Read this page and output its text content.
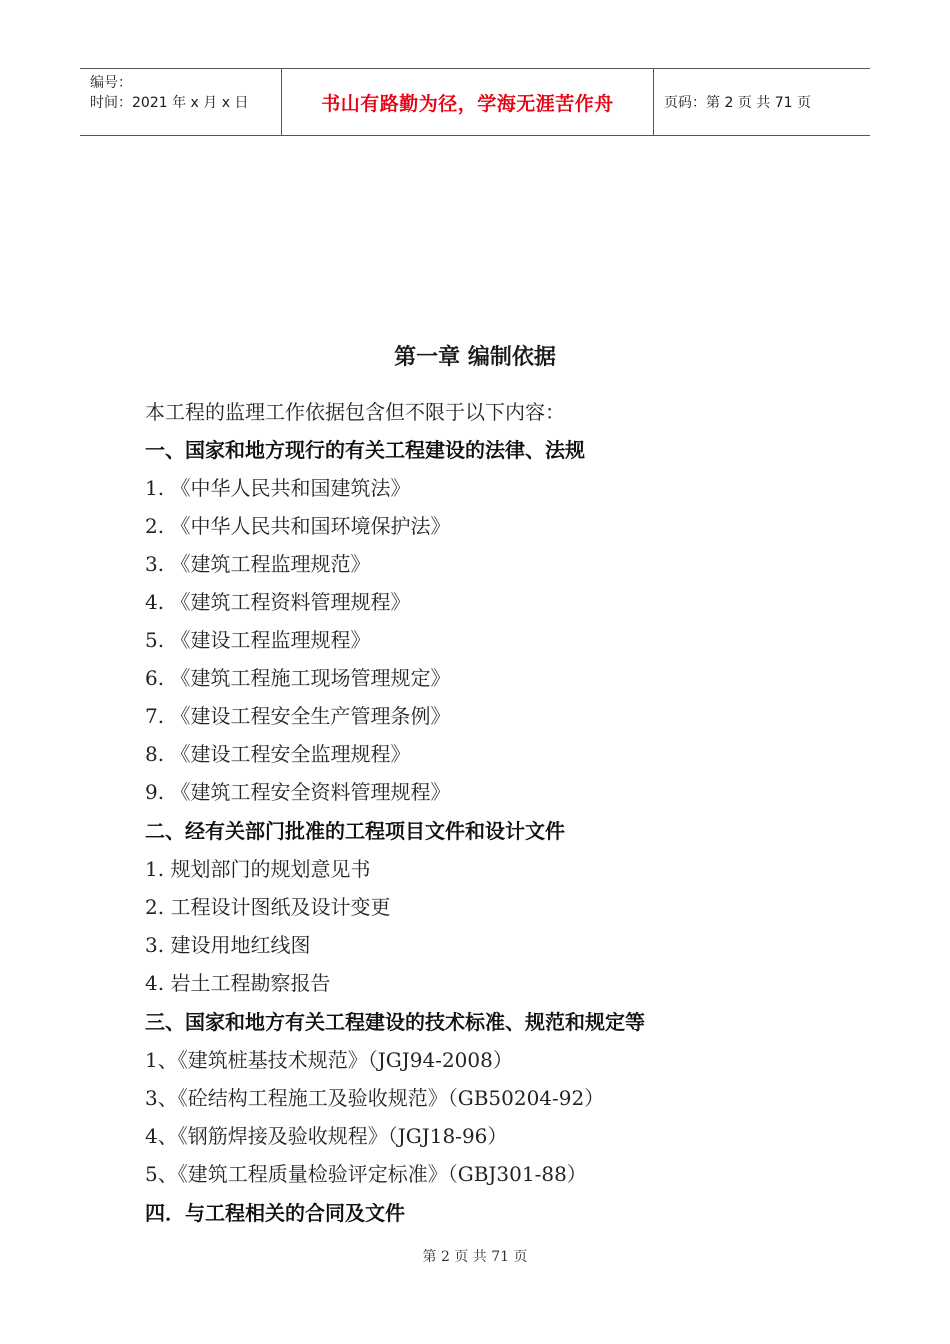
编号：
时间：2021 年 x 月 x 日	书山有路勤为径，学海无涯苦作舟	页码：第 2 页 共 71 页
第一章 编制依据
本工程的监理工作依据包含但不限于以下内容：
一、国家和地方现行的有关工程建设的法律、法规
1. 《中华人民共和国建筑法》
2. 《中华人民共和国环境保护法》
3. 《建筑工程监理规范》
4. 《建筑工程资料管理规程》
5. 《建设工程监理规程》
6. 《建筑工程施工现场管理规定》
7. 《建设工程安全生产管理条例》
8. 《建设工程安全监理规程》
9. 《建筑工程安全资料管理规程》
二、经有关部门批准的工程项目文件和设计文件
1. 规划部门的规划意见书
2. 工程设计图纸及设计变更
3. 建设用地红线图
4. 岩土工程勘察报告
三、国家和地方有关工程建设的技术标准、规范和规定等
1、《建筑桩基技术规范》（JGJ94-2008）
3、《砼结构工程施工及验收规范》（GB50204-92）
4、《钢筋焊接及验收规程》（JGJ18-96）
5、《建筑工程质量检验评定标准》（GBJ301-88）
四．与工程相关的合同及文件
第 2 页 共 71 页
